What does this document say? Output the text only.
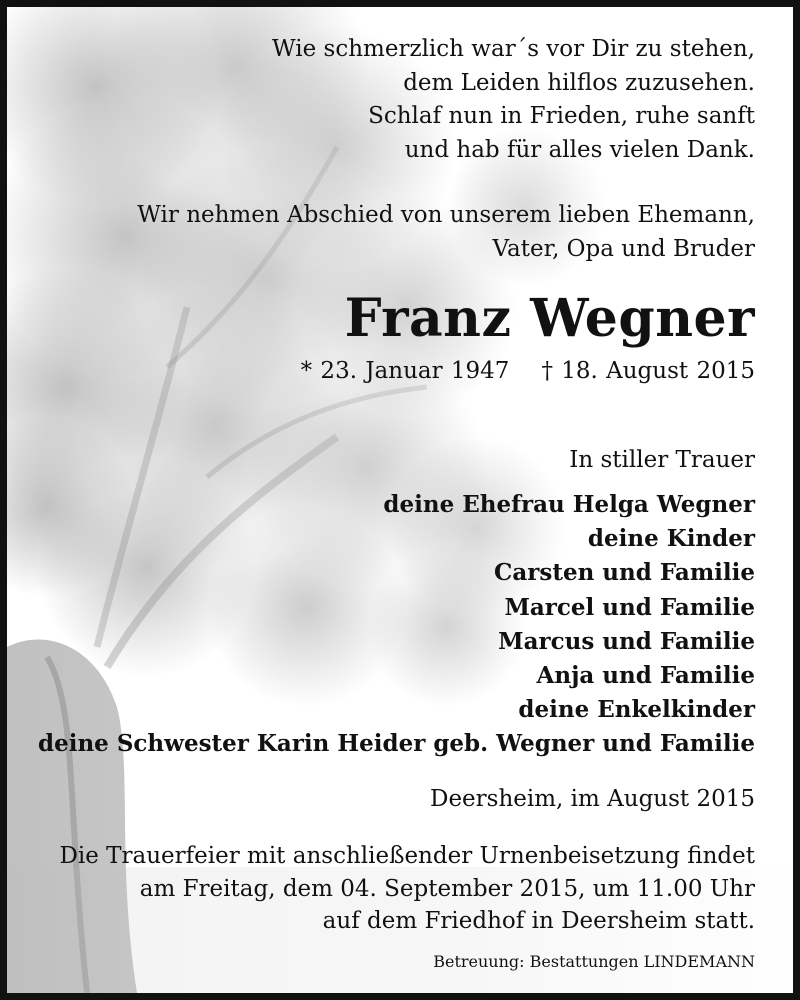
Wie schmerzlich war´s vor Dir zu stehen,
dem Leiden hilflos zuzusehen.
Schlaf nun in Frieden, ruhe sanft
und hab für alles vielen Dank.
Wir nehmen Abschied von unserem lieben Ehemann,
Vater, Opa und Bruder
Franz Wegner
* 23. Januar 1947 † 18. August 2015
In stiller Trauer
deine Ehefrau Helga Wegner
deine Kinder
Carsten und Familie
Marcel und Familie
Marcus und Familie
Anja und Familie
deine Enkelkinder
deine Schwester Karin Heider geb. Wegner und Familie
Deersheim, im August 2015
Die Trauerfeier mit anschließender Urnenbeisetzung findet
am Freitag, dem 04. September 2015, um 11.00 Uhr
auf dem Friedhof in Deersheim statt.
Betreuung: Bestattungen LINDEMANN
